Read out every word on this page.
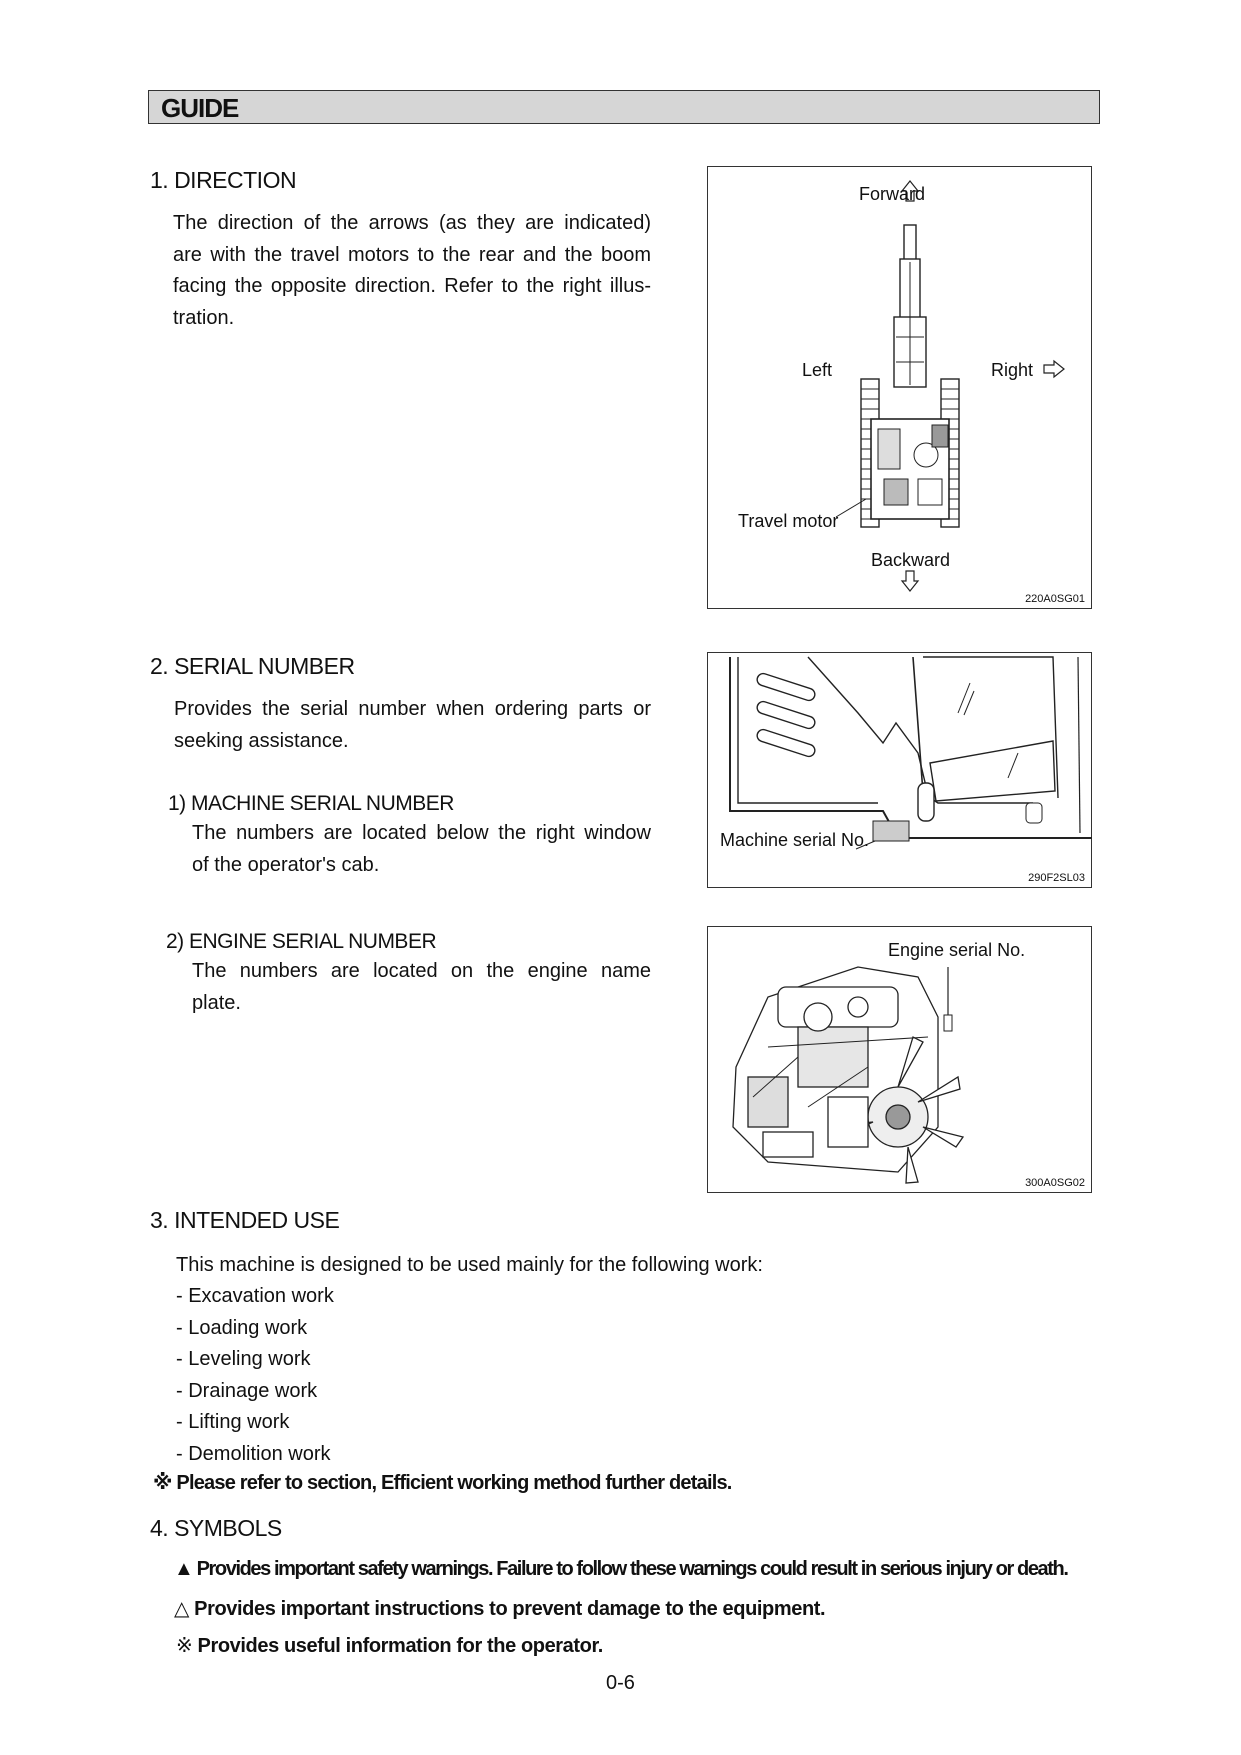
GUIDE
1. DIRECTION
The direction of the arrows (as they are indicated)
are with the travel motors to the rear and the boom
facing the opposite direction. Refer to the right illus-
tration.
Forward
Left	Right
Travel motor
Backward
220A0SG01
2. SERIAL NUMBER
Provides the serial number when ordering parts or
seeking assistance.
1) MACHINE SERIAL NUMBER
The numbers are located below the right window
of the operator's cab.
Machine serial No.
290F2SL03
2) ENGINE SERIAL NUMBER
The numbers are located on the engine name
plate.
Engine serial No.
300A0SG02
3. INTENDED USE
This machine is designed to be used mainly for the following work:
- Excavation work
- Loading work
- Leveling work
- Drainage work
- Lifting work
- Demolition work
※ Please refer to section, Efficient working method further details.
4. SYMBOLS
▲ Provides important safety warnings. Failure to follow these warnings could result in serious injury or death.
△ Provides important instructions to prevent damage to the equipment.
※ Provides useful information for the operator.
0-6
